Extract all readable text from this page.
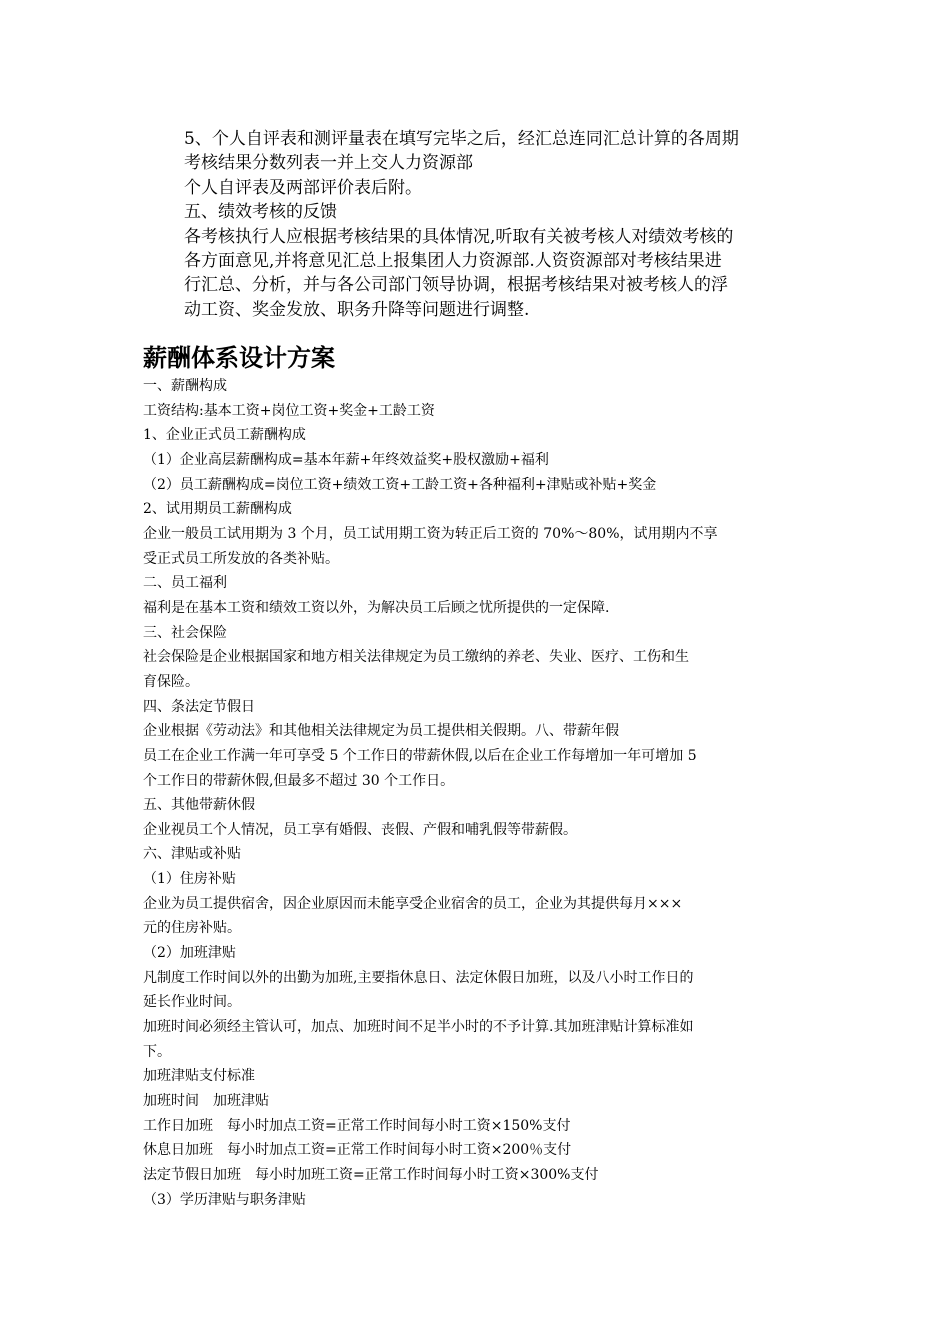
5、个人自评表和测评量表在填写完毕之后，经汇总连同汇总计算的各周期

考核结果分数列表一并上交人力资源部

个人自评表及两部评价表后附。

五、绩效考核的反馈

各考核执行人应根据考核结果的具体情况,听取有关被考核人对绩效考核的

各方面意见,并将意见汇总上报集团人力资源部.人资资源部对考核结果进

行汇总、分析，并与各公司部门领导协调，根据考核结果对被考核人的浮

动工资、奖金发放、职务升降等问题进行调整.

薪酬体系设计方案

一、薪酬构成

工资结构:基本工资+岗位工资+奖金+工龄工资

1、企业正式员工薪酬构成

（1）企业高层薪酬构成=基本年薪+年终效益奖+股权激励+福利

（2）员工薪酬构成=岗位工资+绩效工资+工龄工资+各种福利+津贴或补贴+奖金

2、试用期员工薪酬构成

企业一般员工试用期为 3 个月，员工试用期工资为转正后工资的 70%～80%，试用期内不享

受正式员工所发放的各类补贴。

二、员工福利

福利是在基本工资和绩效工资以外，为解决员工后顾之忧所提供的一定保障.

三、社会保险

社会保险是企业根据国家和地方相关法律规定为员工缴纳的养老、失业、医疗、工伤和生

育保险。

四、条法定节假日

企业根据《劳动法》和其他相关法律规定为员工提供相关假期。八、带薪年假

员工在企业工作满一年可享受 5 个工作日的带薪休假,以后在企业工作每增加一年可增加 5

个工作日的带薪休假,但最多不超过 30 个工作日。

五、其他带薪休假

企业视员工个人情况，员工享有婚假、丧假、产假和哺乳假等带薪假。

六、津贴或补贴

（1）住房补贴

企业为员工提供宿舍，因企业原因而未能享受企业宿舍的员工，企业为其提供每月×××

元的住房补贴。

（2）加班津贴

凡制度工作时间以外的出勤为加班,主要指休息日、法定休假日加班，以及八小时工作日的

延长作业时间。

加班时间必须经主管认可，加点、加班时间不足半小时的不予计算.其加班津贴计算标准如

下。

加班津贴支付标准

加班时间　加班津贴

工作日加班　每小时加点工资=正常工作时间每小时工资×150%支付

休息日加班　每小时加点工资=正常工作时间每小时工资×200％支付

法定节假日加班　每小时加班工资=正常工作时间每小时工资×300%支付

（3）学历津贴与职务津贴
